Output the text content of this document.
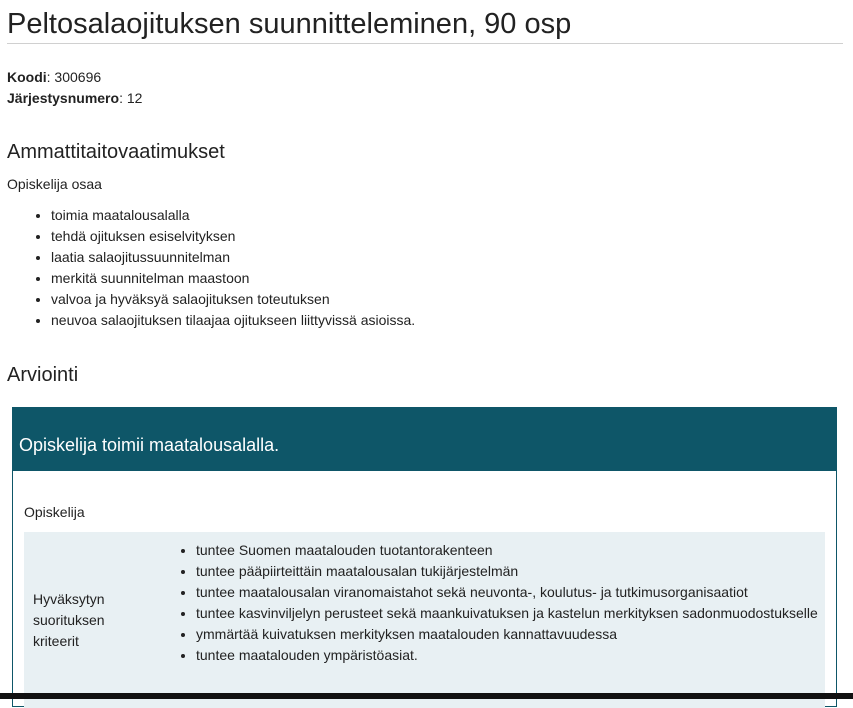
Peltosalaojituksen suunnitteleminen, 90 osp
Koodi: 300696
Järjestysnumero: 12
Ammattitaitovaatimukset
Opiskelija osaa
• toimia maatalousalalla
• tehdä ojituksen esiselvityksen
• laatia salaojitussuunnitelman
• merkitä suunnitelman maastoon
• valvoa ja hyväksyä salaojituksen toteutuksen
• neuvoa salaojituksen tilaajaa ojitukseen liittyvissä asioissa.
Arviointi
Opiskelija toimii maatalousalalla.
Opiskelija
Hyväksytyn suorituksen kriteerit
• tuntee Suomen maatalouden tuotantorakenteen
• tuntee pääpiirteittäin maatalousalan tukijärjestelmän
• tuntee maatalousalan viranomaistahot sekä neuvonta-, koulutus- ja tutkimusorganisaatiot
• tuntee kasvinviljelyn perusteet sekä maankuivatuksen ja kastelun merkityksen sadonmuodostukselle
• ymmärtää kuivatuksen merkityksen maatalouden kannattavuudessa
• tuntee maatalouden ympäristöasiat.
